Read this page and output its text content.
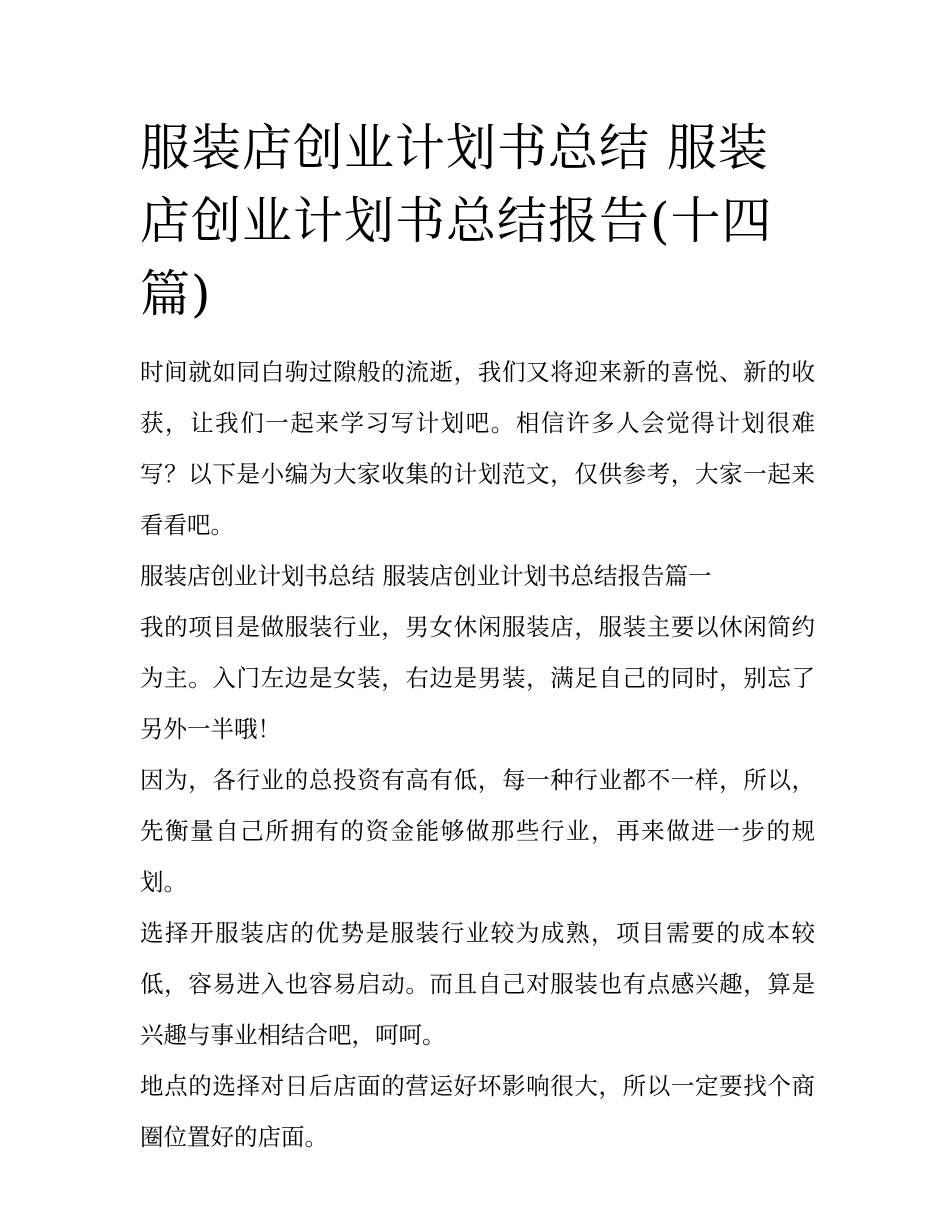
服装店创业计划书总结 服装店创业计划书总结报告(十四篇)

时间就如同白驹过隙般的流逝，我们又将迎来新的喜悦、新的收获，让我们一起来学习写计划吧。相信许多人会觉得计划很难写？以下是小编为大家收集的计划范文，仅供参考，大家一起来看看吧。

服装店创业计划书总结 服装店创业计划书总结报告篇一

我的项目是做服装行业，男女休闲服装店，服装主要以休闲简约为主。入门左边是女装，右边是男装，满足自己的同时，别忘了另外一半哦！

因为，各行业的总投资有高有低，每一种行业都不一样，所以，先衡量自己所拥有的资金能够做那些行业，再来做进一步的规划。

选择开服装店的优势是服装行业较为成熟，项目需要的成本较低，容易进入也容易启动。而且自己对服装也有点感兴趣，算是兴趣与事业相结合吧，呵呵。

地点的选择对日后店面的营运好坏影响很大，所以一定要找个商圈位置好的店面。
